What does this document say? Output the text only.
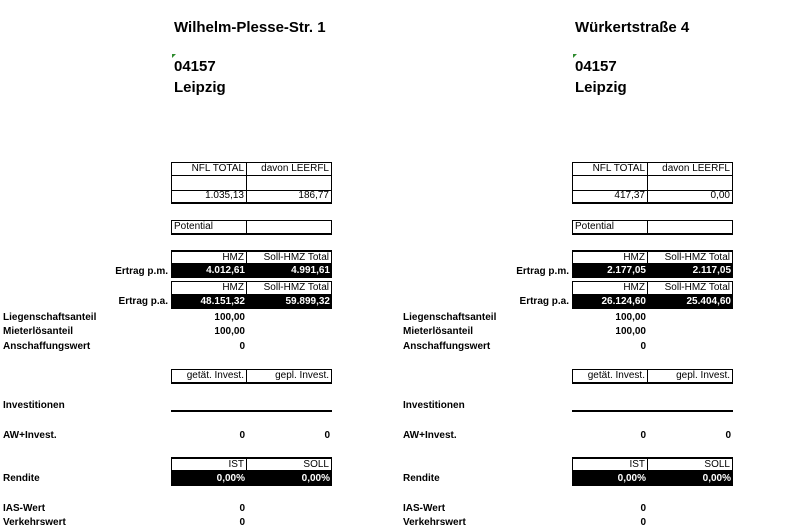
Wilhelm-Plesse-Str. 1
04157
Leipzig
NFL TOTAL	davon LEERFL
1.035,13	186,77
Potential
HMZ	Soll-HMZ Total
Ertrag p.m.	4.012,61	4.991,61
HMZ	Soll-HMZ Total
Ertrag p.a.	48.151,32	59.899,32
Liegenschaftsanteil	100,00
Mieterlösanteil	100,00
Anschaffungswert	0
getät. Invest.	gepl. Invest.
Investitionen
AW+Invest.	0	0
IST	SOLL
Rendite	0,00%	0,00%
IAS-Wert	0
Verkehrswert	0
Würkertstraße 4
04157
Leipzig
NFL TOTAL	davon LEERFL
417,37	0,00
Potential
HMZ	Soll-HMZ Total
Ertrag p.m.	2.177,05	2.117,05
HMZ	Soll-HMZ Total
Ertrag p.a.	26.124,60	25.404,60
Liegenschaftsanteil	100,00
Mieterlösanteil	100,00
Anschaffungswert	0
getät. Invest.	gepl. Invest.
Investitionen
AW+Invest.	0	0
IST	SOLL
Rendite	0,00%	0,00%
IAS-Wert	0
Verkehrswert	0
